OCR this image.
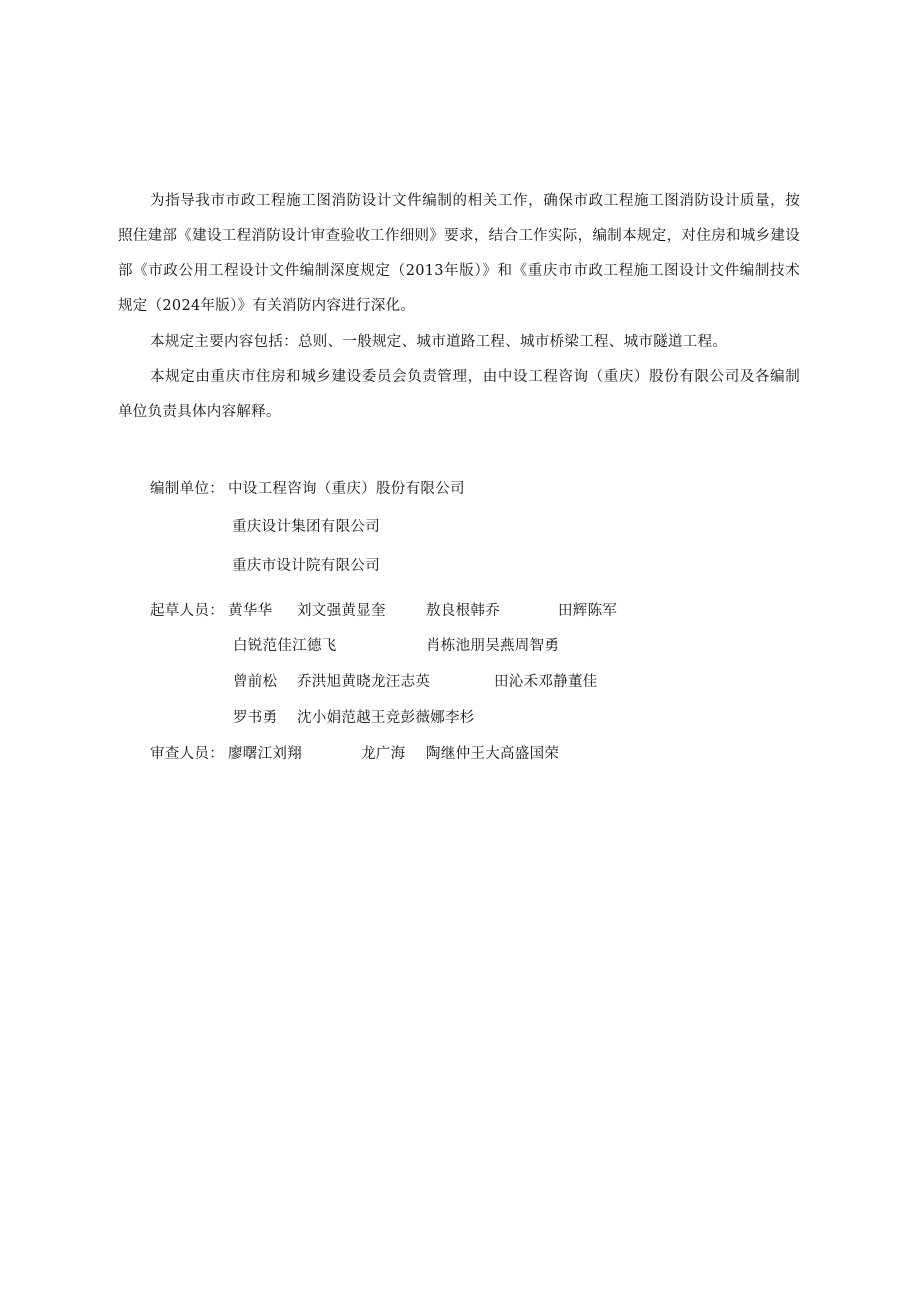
为指导我市市政工程施工图消防设计文件编制的相关工作，确保市政工程施工图消防设计质量，按照住建部《建设工程消防设计审查验收工作细则》要求，结合工作实际，编制本规定，对住房和城乡建设部《市政公用工程设计文件编制深度规定（2013年版）》和《重庆市市政工程施工图设计文件编制技术规定（2024年版）》有关消防内容进行深化。

本规定主要内容包括：总则、一般规定、城市道路工程、城市桥梁工程、城市隧道工程。

本规定由重庆市住房和城乡建设委员会负责管理，由中设工程咨询（重庆）股份有限公司及各编制单位负责具体内容解释。

编制单位： 中设工程咨询（重庆）股份有限公司
重庆设计集团有限公司
重庆市设计院有限公司
起草人员： 黄华华 刘文强黄显奎	敖良根韩乔	田辉陈军
白锐范佳江德飞	肖栋池朋吴燕周智勇
曾前松 乔洪旭黄晓龙汪志英	田沁禾邓静董佳
罗书勇 沈小娟范越王竞彭薇娜李杉
审查人员： 廖曙江刘翔	龙广海 陶继仲王大高盛国荣
